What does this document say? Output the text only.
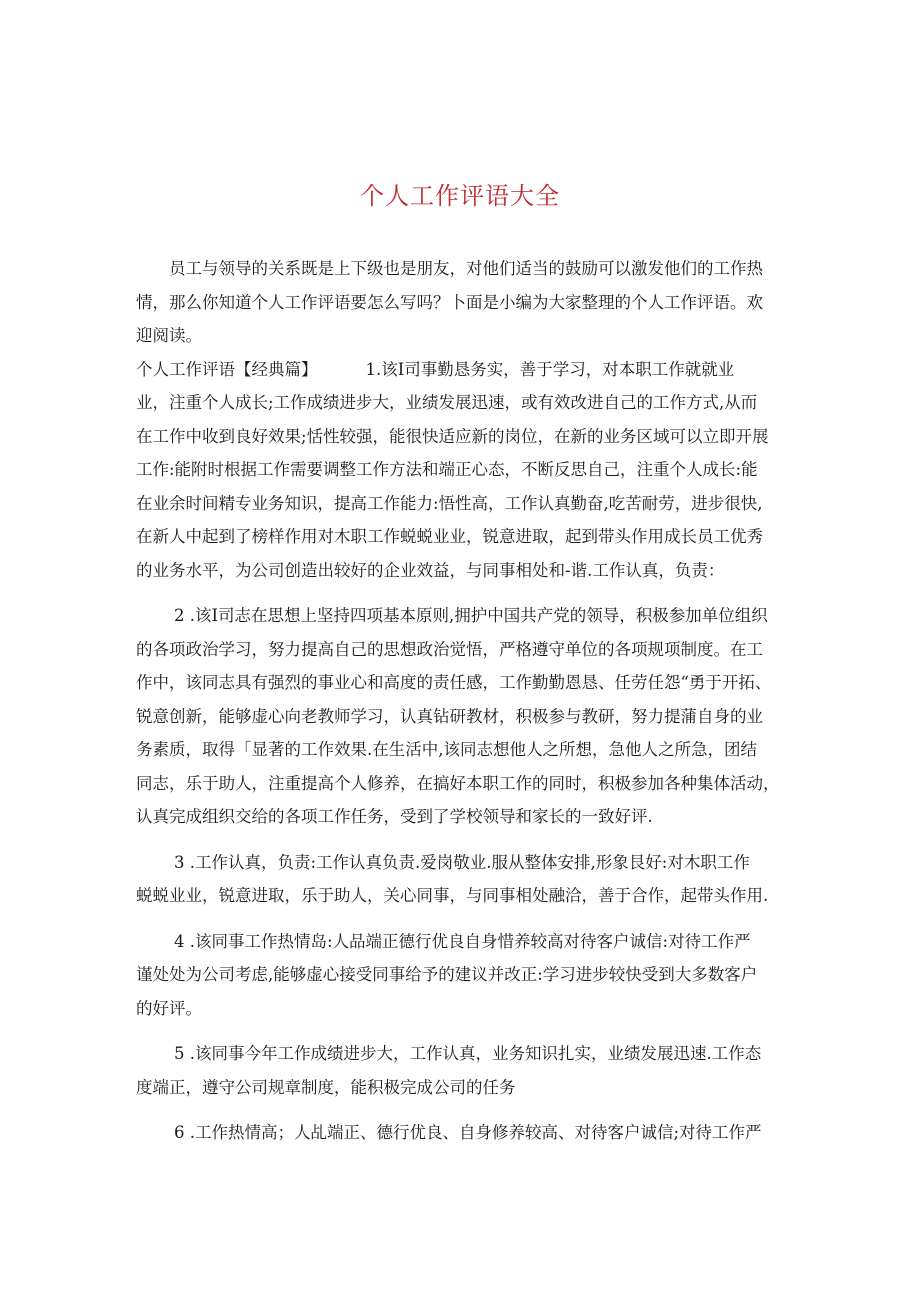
个人工作评语大全

员工与领导的关系既是上下级也是朋友，对他们适当的鼓励可以激发他们的工作热
情，那么你知道个人工作评语要怎么写吗？卜面是小编为大家整理的个人工作评语。欢
迎阅读。

个人工作评语【经典篇】	1.该I司事勤恳务实，善于学习，对本职工作就就业
业，注重个人成长;工作成绩进步大，业绩发展迅速，或有效改进自己的工作方式,从而
在工作中收到良好效果;恬性较强，能很快适应新的岗位，在新的业务区域可以立即开展
工作:能附时根据工作需要调整工作方法和端正心态，不断反思自己，注重个人成长:能
在业余时间精专业务知识，提高工作能力:悟性高，工作认真勤奋,吃苦耐劳，进步很快,
在新人中起到了榜样作用对木职工作蜕蜕业业，锐意进取，起到带头作用成长员工优秀
的业务水平，为公司创造出较好的企业效益，与同事相处和-谐.工作认真，负责：
2 .该I司志在思想上坚持四项基本原则,拥护中国共产党的领导，积极参加单位组织
的各项政治学习，努力提高自己的思想政治觉悟，严格遵守单位的各项规项制度。在工
作中，该同志具有强烈的事业心和高度的责任感，工作勤勤恩恳、任劳任怨“勇于开拓、
锐意创新，能够虚心向老教师学习，认真钻研教材，积极参与教研，努力提蒲自身的业
务素质，取得「显著的工作效果.在生活中,该同志想他人之所想，急他人之所急，团结
同志，乐于助人，注重提高个人修养，在搞好本职工作的同时，积极参加各种集体活动，
认真完成组织交给的各项工作任务，受到了学校领导和家长的一致好评.
3 .工作认真，负责:工作认真负责.爱岗敬业.服从整体安排,形象艮好:对木职工作
蜕蜕业业，锐意进取，乐于助人，关心同事，与同事相处融洽，善于合作，起带头作用.
4 .该同事工作热情岛:人品端正德行优良自身惜养较高对待客户诚信:对待工作严
谨处处为公司考虑,能够虚心接受同事给予的建议并改正:学习进步较快受到大多数客户
的好评。
5 .该同事今年工作成绩进步大，工作认真，业务知识扎实，业绩发展迅速.工作态
度端正，遵守公司规章制度，能积极完成公司的任务
6 .工作热情高；人乩端正、德行优良、自身修养较高、对待客户诚信;对待工作严
